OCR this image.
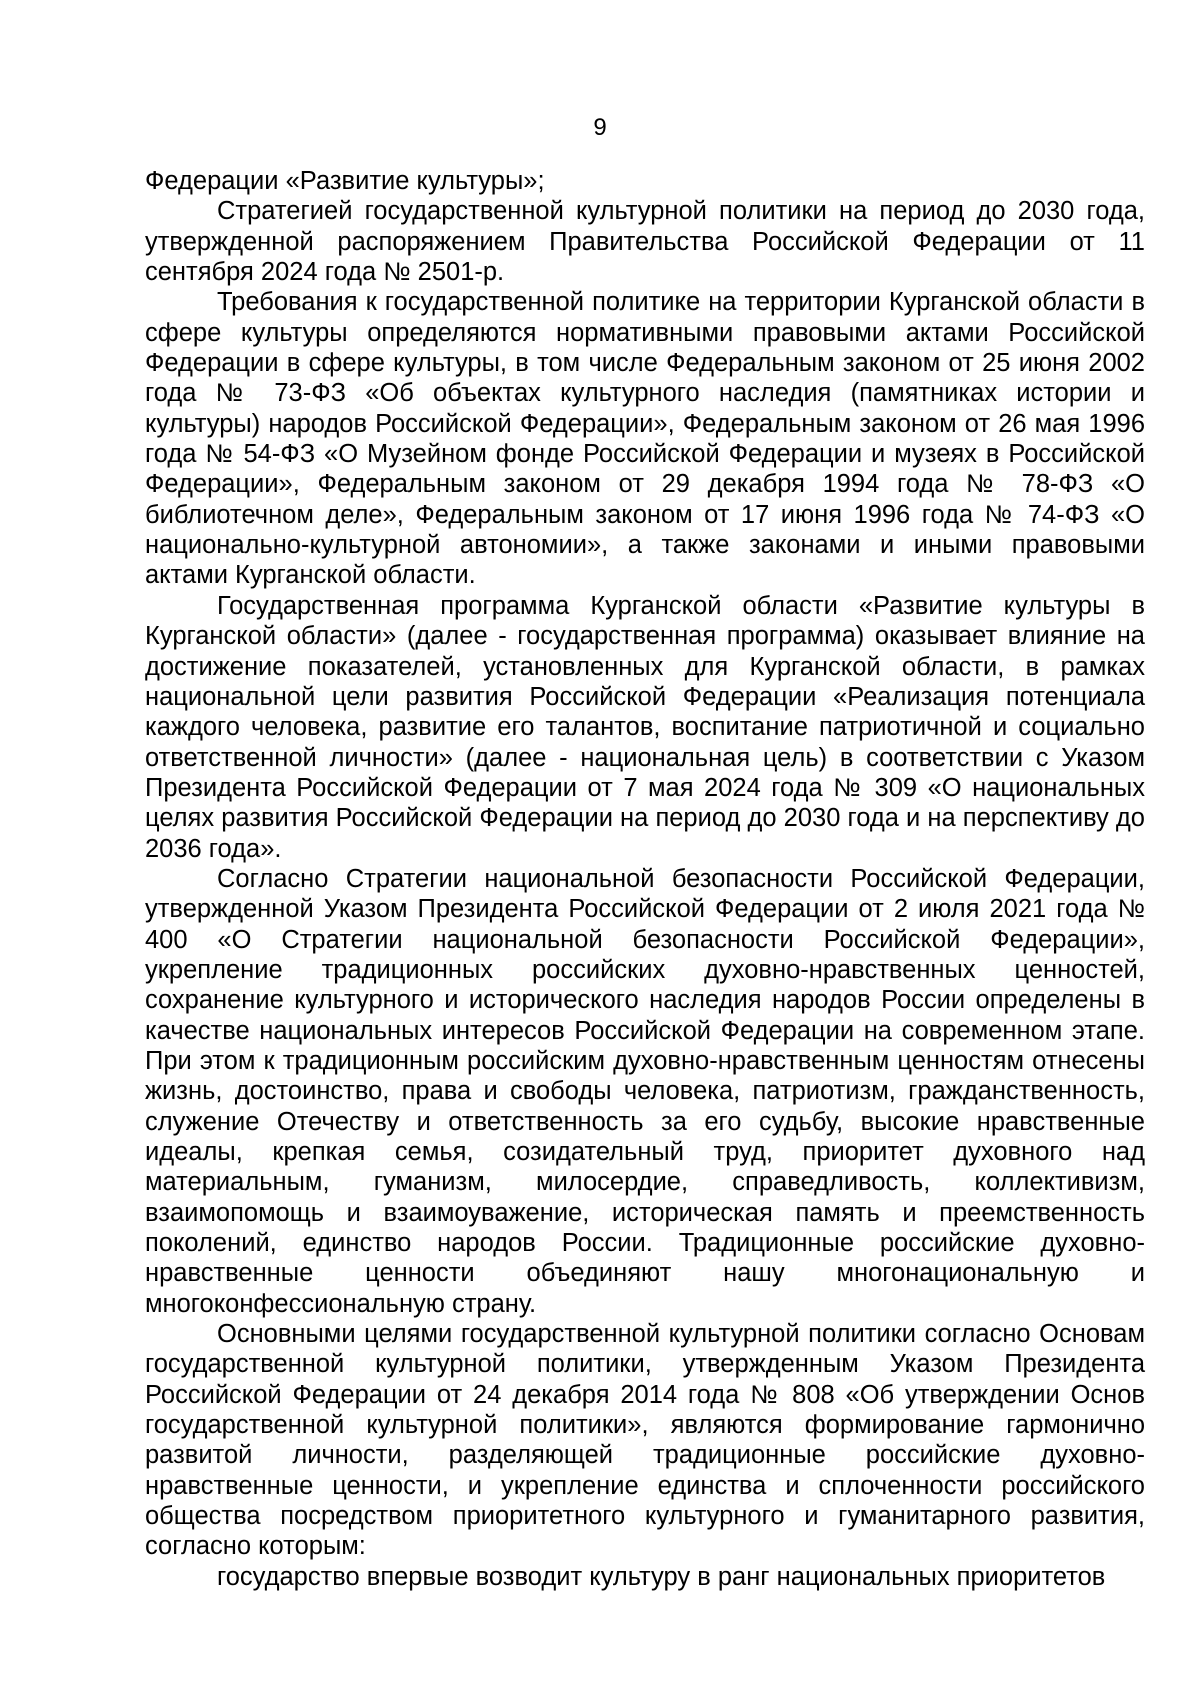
9

Федерации «Развитие культуры»;

Стратегией государственной культурной политики на период до 2030 года, утвержденной распоряжением Правительства Российской Федерации от 11 сентября 2024 года № 2501-р.

Требования к государственной политике на территории Курганской области в сфере культуры определяются нормативными правовыми актами Российской Федерации в сфере культуры, в том числе Федеральным законом от 25 июня 2002 года № 73-ФЗ «Об объектах культурного наследия (памятниках истории и культуры) народов Российской Федерации», Федеральным законом от 26 мая 1996 года № 54-ФЗ «О Музейном фонде Российской Федерации и музеях в Российской Федерации», Федеральным законом от 29 декабря 1994 года № 78-ФЗ «О библиотечном деле», Федеральным законом от 17 июня 1996 года № 74-ФЗ «О национально-культурной автономии», а также законами и иными правовыми актами Курганской области.

Государственная программа Курганской области «Развитие культуры в Курганской области» (далее - государственная программа) оказывает влияние на достижение показателей, установленных для Курганской области, в рамках национальной цели развития Российской Федерации «Реализация потенциала каждого человека, развитие его талантов, воспитание патриотичной и социально ответственной личности» (далее - национальная цель) в соответствии с Указом Президента Российской Федерации от 7 мая 2024 года № 309 «О национальных целях развития Российской Федерации на период до 2030 года и на перспективу до 2036 года».

Согласно Стратегии национальной безопасности Российской Федерации, утвержденной Указом Президента Российской Федерации от 2 июля 2021 года № 400 «О Стратегии национальной безопасности Российской Федерации», укрепление традиционных российских духовно-нравственных ценностей, сохранение культурного и исторического наследия народов России определены в качестве национальных интересов Российской Федерации на современном этапе. При этом к традиционным российским духовно-нравственным ценностям отнесены жизнь, достоинство, права и свободы человека, патриотизм, гражданственность, служение Отечеству и ответственность за его судьбу, высокие нравственные идеалы, крепкая семья, созидательный труд, приоритет духовного над материальным, гуманизм, милосердие, справедливость, коллективизм, взаимопомощь и взаимоуважение, историческая память и преемственность поколений, единство народов России. Традиционные российские духовно-нравственные ценности объединяют нашу многонациональную и многоконфессиональную страну.

Основными целями государственной культурной политики согласно Основам государственной культурной политики, утвержденным Указом Президента Российской Федерации от 24 декабря 2014 года № 808 «Об утверждении Основ государственной культурной политики», являются формирование гармонично развитой личности, разделяющей традиционные российские духовно-нравственные ценности, и укрепление единства и сплоченности российского общества посредством приоритетного культурного и гуманитарного развития, согласно которым:

государство впервые возводит культуру в ранг национальных приоритетов
